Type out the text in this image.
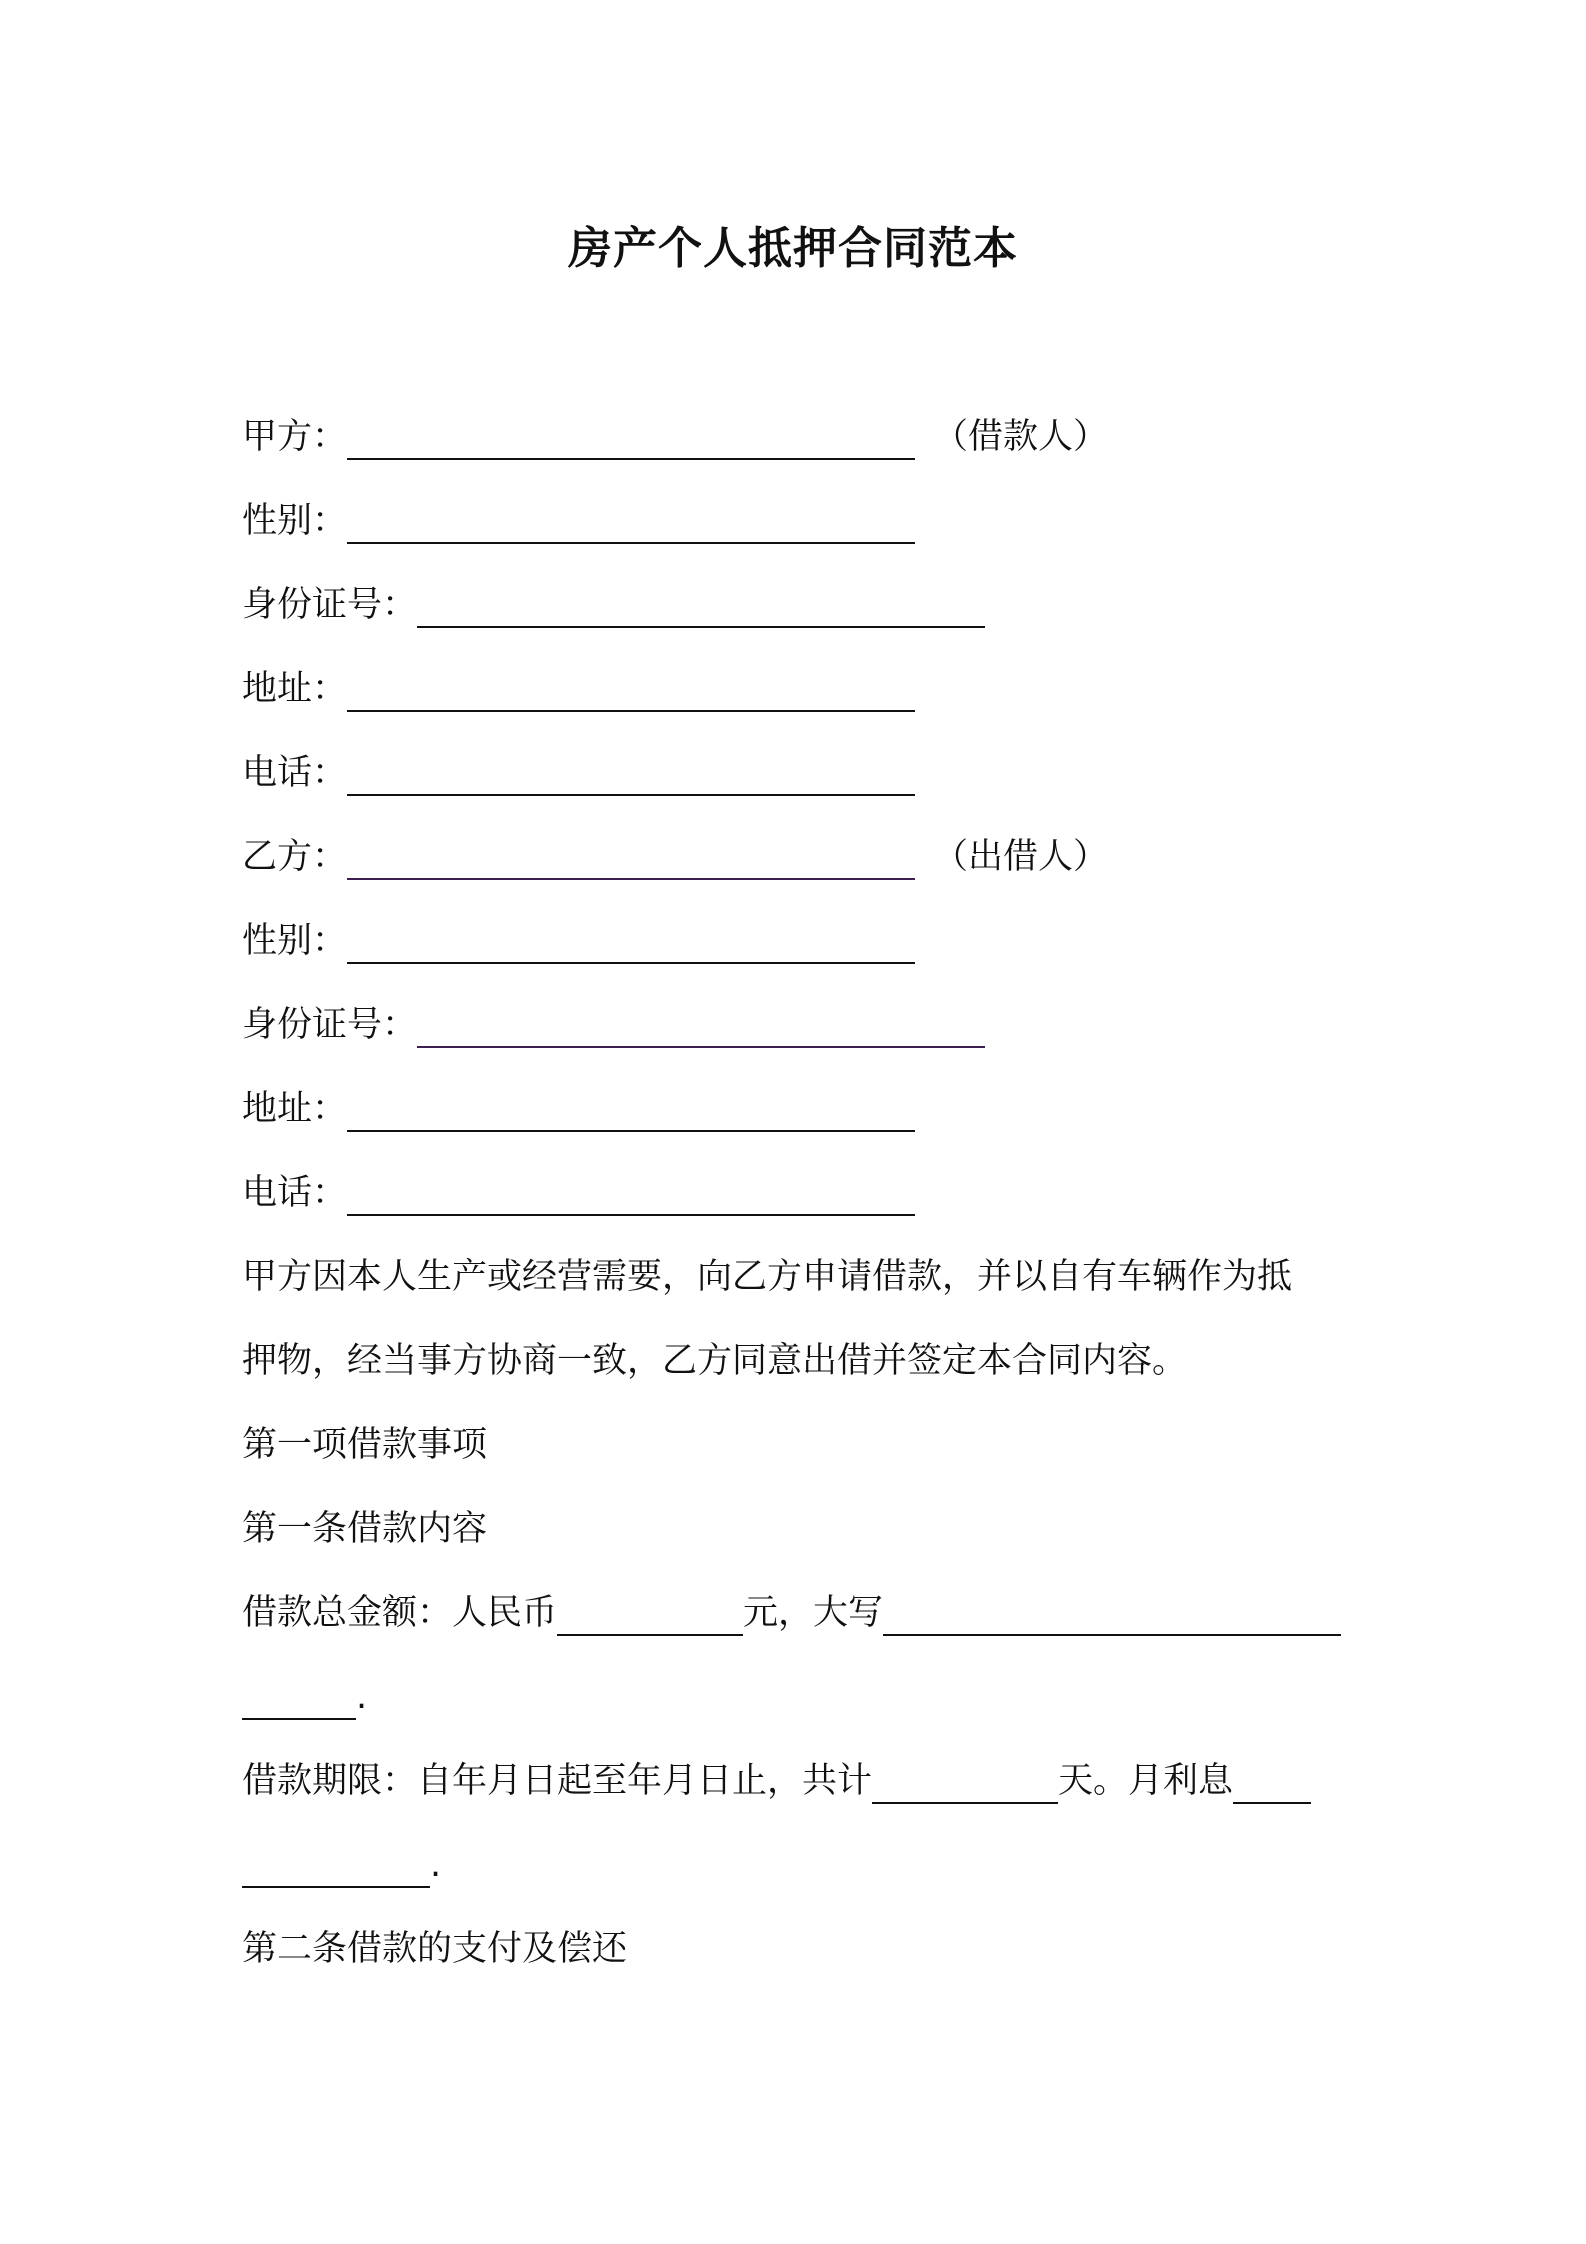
房产个人抵押合同范本
甲方：	（借款人）
性别：
身份证号：
地址：
电话：
乙方：	（出借人）
性别：
身份证号：
地址：
电话：
甲方因本人生产或经营需要，向乙方申请借款，并以自有车辆作为抵
押物，经当事方协商一致，乙方同意出借并签定本合同内容。
第一项借款事项
第一条借款内容
借款总金额：人民币	元，大写
.
借款期限：自年月日起至年月日止，共计	天。月利息
.
第二条借款的支付及偿还
